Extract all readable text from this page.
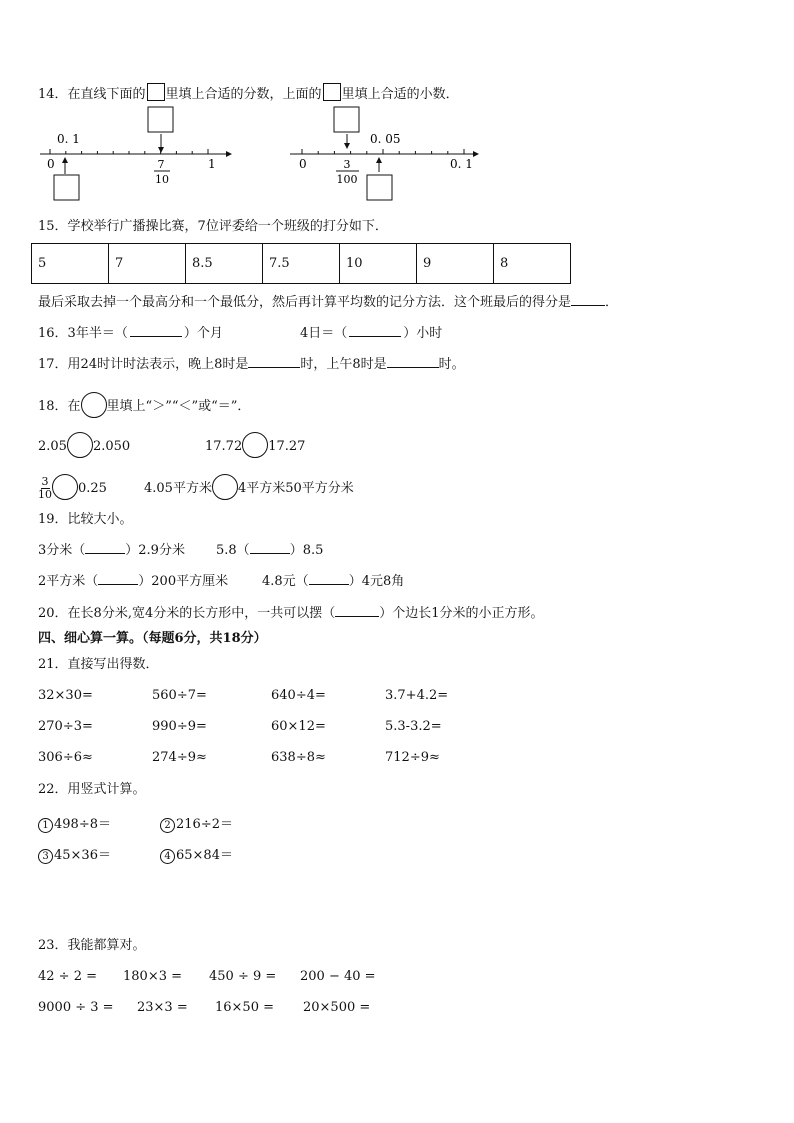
14．在直线下面的 里填上合适的分数，上面的 里填上合适的小数．
0. 1
0	7
10
1
0. 05
0	3
100
0. 1
15．学校举行广播操比赛，7位评委给一个班级的打分如下．
5	7	8.5	7.5	10	9	8
最后采取去掉一个最高分和一个最低分，然后再计算平均数的记分方法．这个班最后的得分是	．
16．3年半＝（	）个月	4日＝（	）小时
17．用24时计时法表示，晚上8时是	时，上午8时是	时。
18．在 里填上“＞”“＜”或“＝”．
2.05 2.050	17.72 17.27
$\frac{3}{10} 0.25$	4.05平方米 4平方米50平方分米
19．比较大小。
3分米（	）2.9分米 5.8（	）8.5
2平方米（	）200平方厘米	4.8元（	）4元8角
20．在长8分米,宽4分米的长方形中，一共可以摆（	）个边长1分米的小正方形。
四、细心算一算。（每题6分，共18分）
21．直接写出得数．
32×30=	560÷7=	640÷4=	3.7+4.2=
270÷3=	990÷9=	60×12=	5.3-3.2=
306÷6≈	274÷9≈	638÷8≈	712÷9≈
22．用竖式计算。
1 498÷8＝	2 216÷2＝
3 45×36＝	4 65×84＝
23．我能都算对。
42 ÷ 2 = 180×3 = 450 ÷ 9 = 200 − 40 =
9000 ÷ 3 = 23×3 = 16×50 = 20×500 =
